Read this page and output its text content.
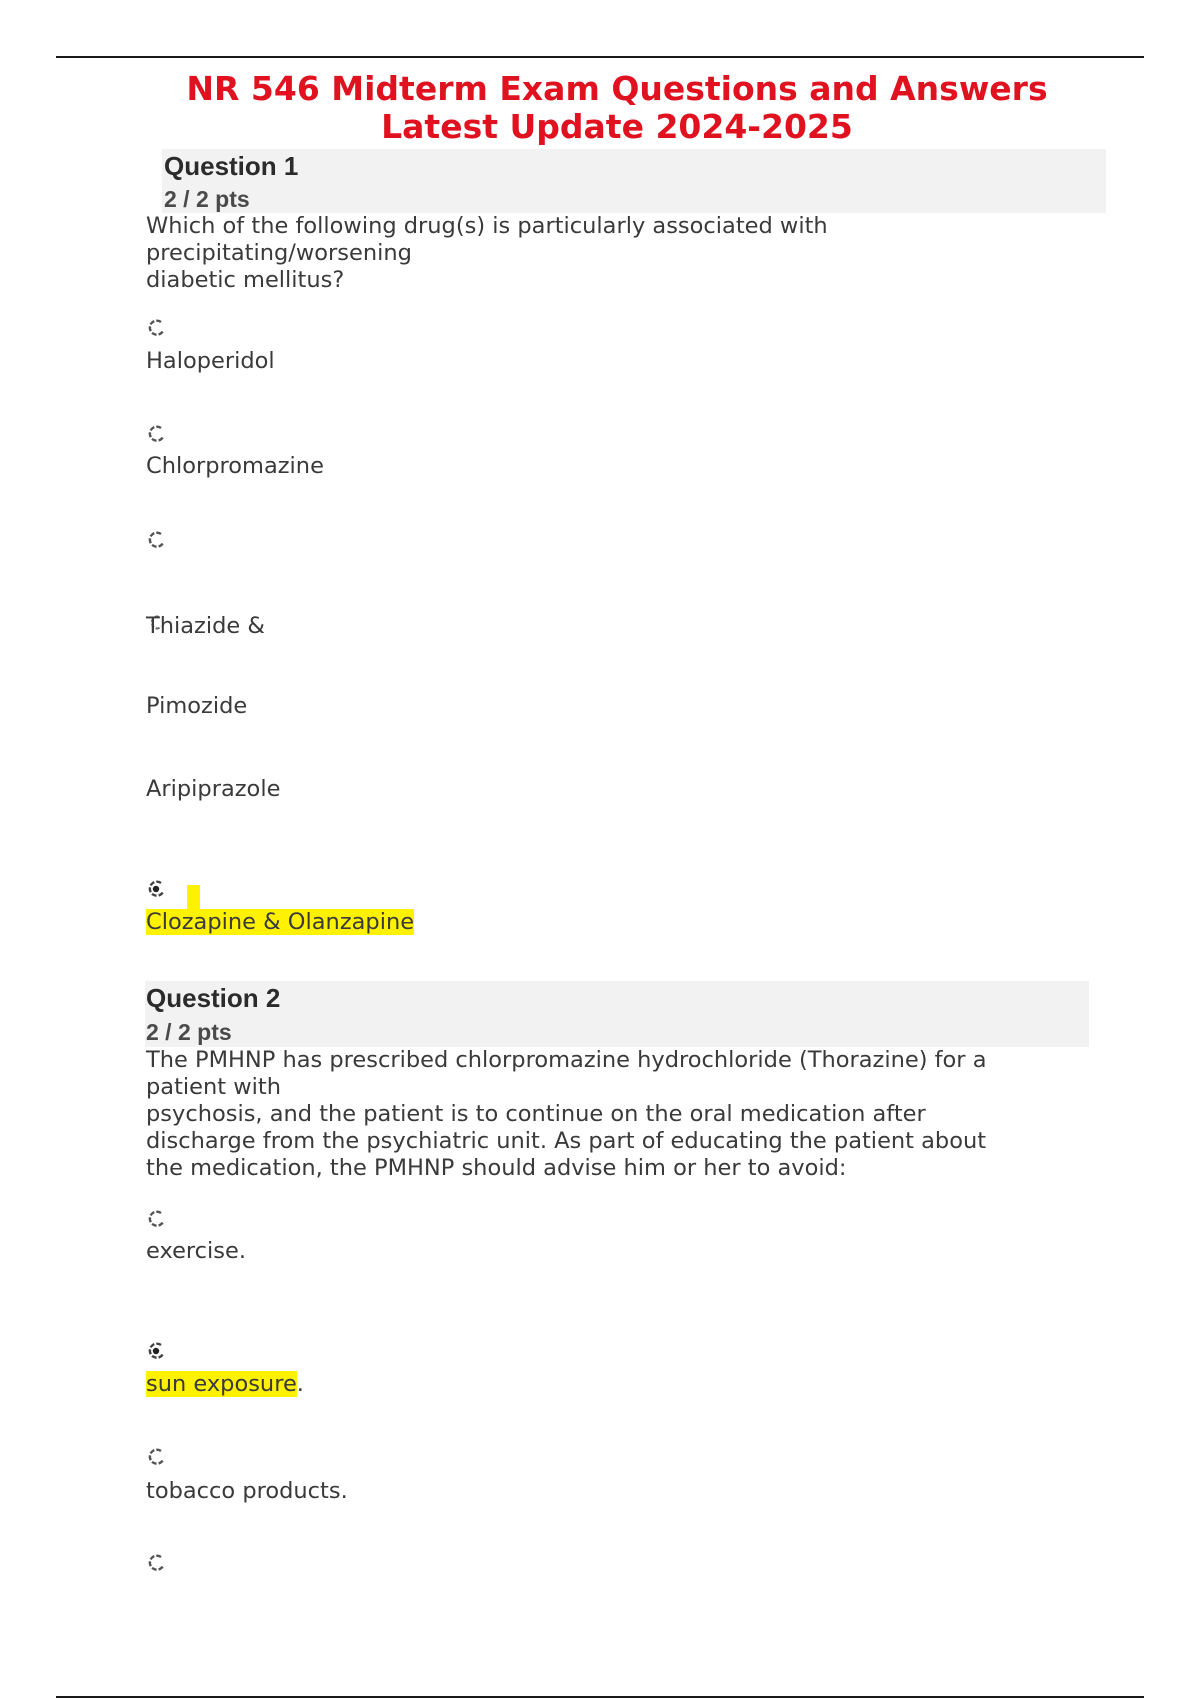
NR 546 Midterm Exam Questions and Answers
Latest Update 2024-2025
Question 1
2 / 2 pts
Which of the following drug(s) is particularly associated with
precipitating/worsening
diabetic mellitus?
Haloperidol
Chlorpromazine
Thiazide &
Pimozide
Aripiprazole
Clozapine & Olanzapine
Question 2
2 / 2 pts
The PMHNP has prescribed chlorpromazine hydrochloride (Thorazine) for a
patient with
psychosis, and the patient is to continue on the oral medication after
discharge from the psychiatric unit. As part of educating the patient about
the medication, the PMHNP should advise him or her to avoid:
exercise.
sun exposure.
tobacco products.
